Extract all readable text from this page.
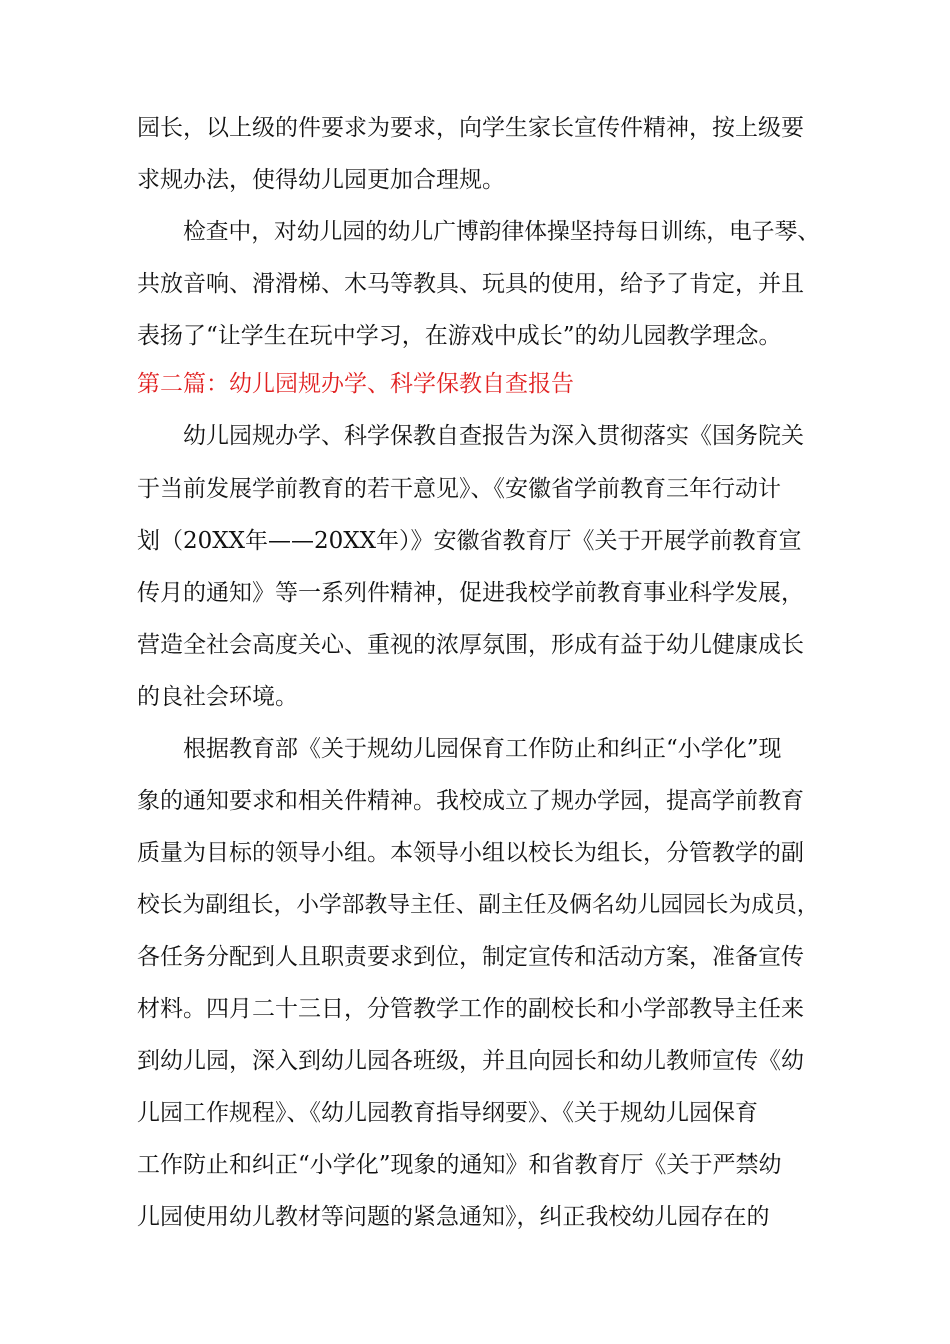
园长，以上级的件要求为要求，向学生家长宣传件精神，按上级要
求规办法，使得幼儿园更加合理规。
检查中，对幼儿园的幼儿广博韵律体操坚持每日训练，电子琴、
共放音响、滑滑梯、木马等教具、玩具的使用，给予了肯定，并且
表扬了“让学生在玩中学习，在游戏中成长”的幼儿园教学理念。
第二篇：幼儿园规办学、科学保教自查报告
幼儿园规办学、科学保教自查报告为深入贯彻落实《国务院关
于当前发展学前教育的若干意见》、《安徽省学前教育三年行动计
划（20XX年——20XX年）》安徽省教育厅《关于开展学前教育宣
传月的通知》等一系列件精神，促进我校学前教育事业科学发展，
营造全社会高度关心、重视的浓厚氛围，形成有益于幼儿健康成长
的良社会环境。
根据教育部《关于规幼儿园保育工作防止和纠正“小学化”现
象的通知要求和相关件精神。我校成立了规办学园，提高学前教育
质量为目标的领导小组。本领导小组以校长为组长，分管教学的副
校长为副组长，小学部教导主任、副主任及俩名幼儿园园长为成员，
各任务分配到人且职责要求到位，制定宣传和活动方案，准备宣传
材料。四月二十三日，分管教学工作的副校长和小学部教导主任来
到幼儿园，深入到幼儿园各班级，并且向园长和幼儿教师宣传《幼
儿园工作规程》、《幼儿园教育指导纲要》、《关于规幼儿园保育
工作防止和纠正“小学化”现象的通知》和省教育厅《关于严禁幼
儿园使用幼儿教材等问题的紧急通知》，纠正我校幼儿园存在的
